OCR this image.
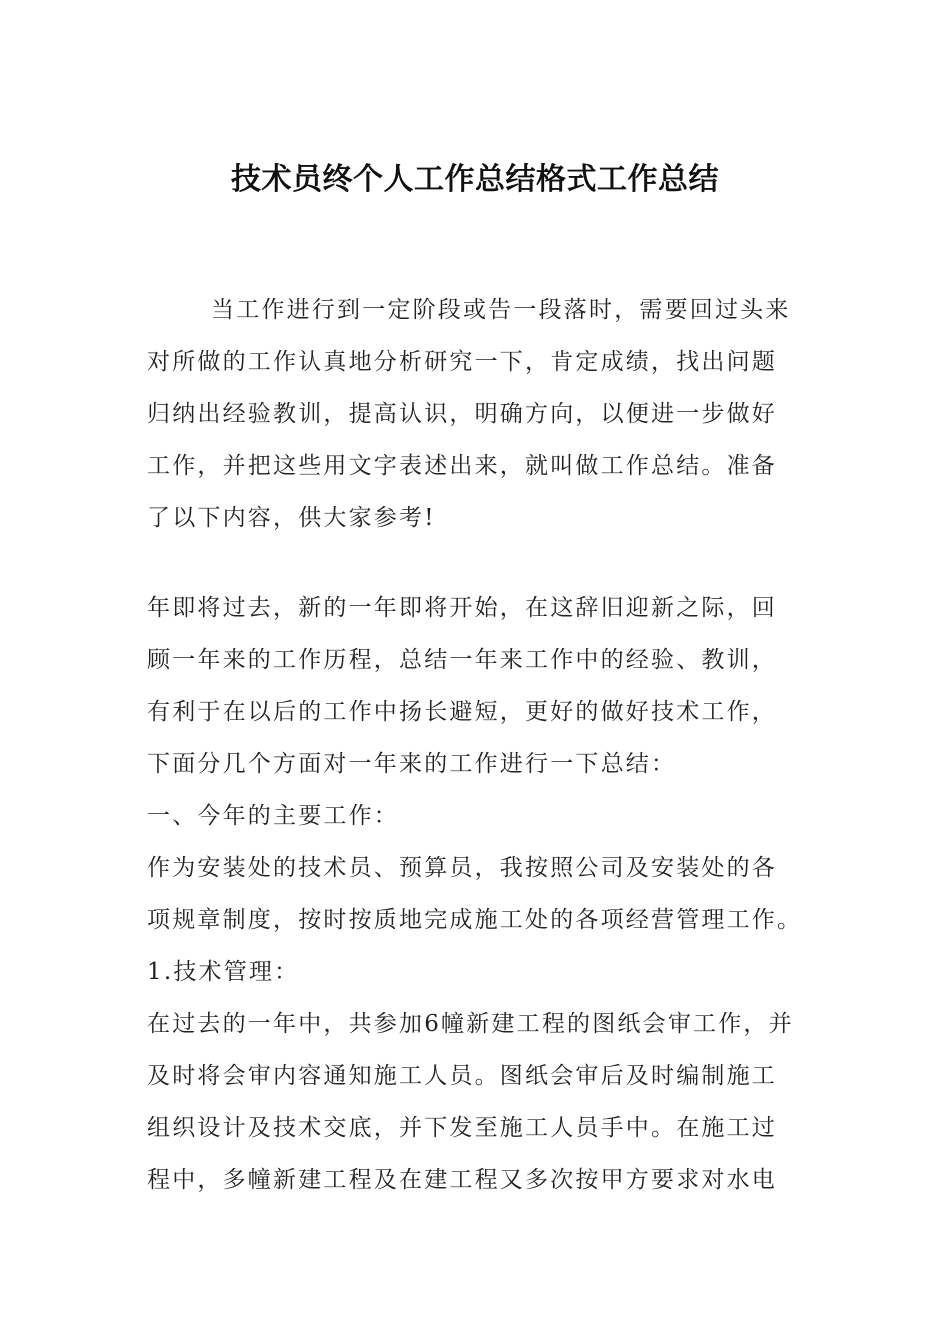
技术员终个人工作总结格式工作总结
当工作进行到一定阶段或告一段落时，需要回过头来
对所做的工作认真地分析研究一下，肯定成绩，找出问题
归纳出经验教训，提高认识，明确方向，以便进一步做好
工作，并把这些用文字表述出来，就叫做工作总结。准备
了以下内容，供大家参考!
年即将过去，新的一年即将开始，在这辞旧迎新之际，回
顾一年来的工作历程，总结一年来工作中的经验、教训，
有利于在以后的工作中扬长避短，更好的做好技术工作，
下面分几个方面对一年来的工作进行一下总结：
一、今年的主要工作：
作为安装处的技术员、预算员，我按照公司及安装处的各
项规章制度，按时按质地完成施工处的各项经营管理工作。
1.技术管理：
在过去的一年中，共参加6幢新建工程的图纸会审工作，并
及时将会审内容通知施工人员。图纸会审后及时编制施工
组织设计及技术交底，并下发至施工人员手中。在施工过
程中，多幢新建工程及在建工程又多次按甲方要求对水电
